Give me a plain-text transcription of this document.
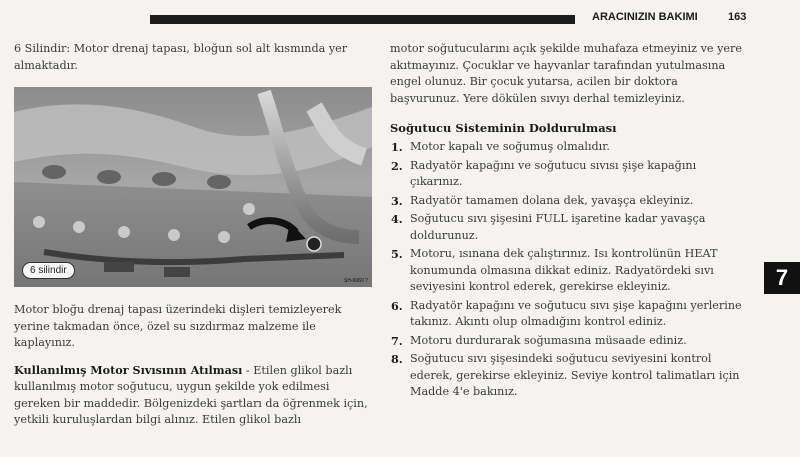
ARACINIZIN BAKIMI	163

6 Silindir: Motor drenaj tapası, bloğun sol alt kısmında yer almaktadır.

SH-6060 ?
6 silindir

Motor bloğu drenaj tapası üzerindeki dişleri temizleyerek yerine takmadan önce, özel su sızdırmaz malzeme ile kaplayınız.

Kullanılmış Motor Sıvısının Atılması - Etilen glikol bazlı kullanılmış motor soğutucu, uygun şekilde yok edilmesi gereken bir maddedir. Bölgenizdeki şartları da öğrenmek için, yetkili kuruluşlardan bilgi alınız. Etilen glikol bazlı

motor soğutucularını açık şekilde muhafaza etmeyiniz ve yere akıtmayınız. Çocuklar ve hayvanlar tarafından yutulmasına engel olunuz. Bir çocuk yutarsa, acilen bir doktora başvurunuz. Yere dökülen sıvıyı derhal temizleyiniz.

Soğutucu Sisteminin Doldurulması

1. Motor kapalı ve soğumuş olmalıdır.
2. Radyatör kapağını ve soğutucu sıvısı şişe kapağını çıkarınız.
3. Radyatör tamamen dolana dek, yavaşça ekleyiniz.
4. Soğutucu sıvı şişesini FULL işaretine kadar yavaşça doldurunuz.
5. Motoru, ısınana dek çalıştırınız. Isı kontrolünün HEAT konumunda olmasına dikkat ediniz. Radyatördeki sıvı seviyesini kontrol ederek, gerekirse ekleyiniz.
6. Radyatör kapağını ve soğutucu sıvı şişe kapağını yerlerine takınız. Akıntı olup olmadığını kontrol ediniz.
7. Motoru durdurarak soğumasına müsaade ediniz.
8. Soğutucu sıvı şişesindeki soğutucu seviyesini kontrol ederek, gerekirse ekleyiniz. Seviye kontrol talimatları için Madde 4'e bakınız.
7
